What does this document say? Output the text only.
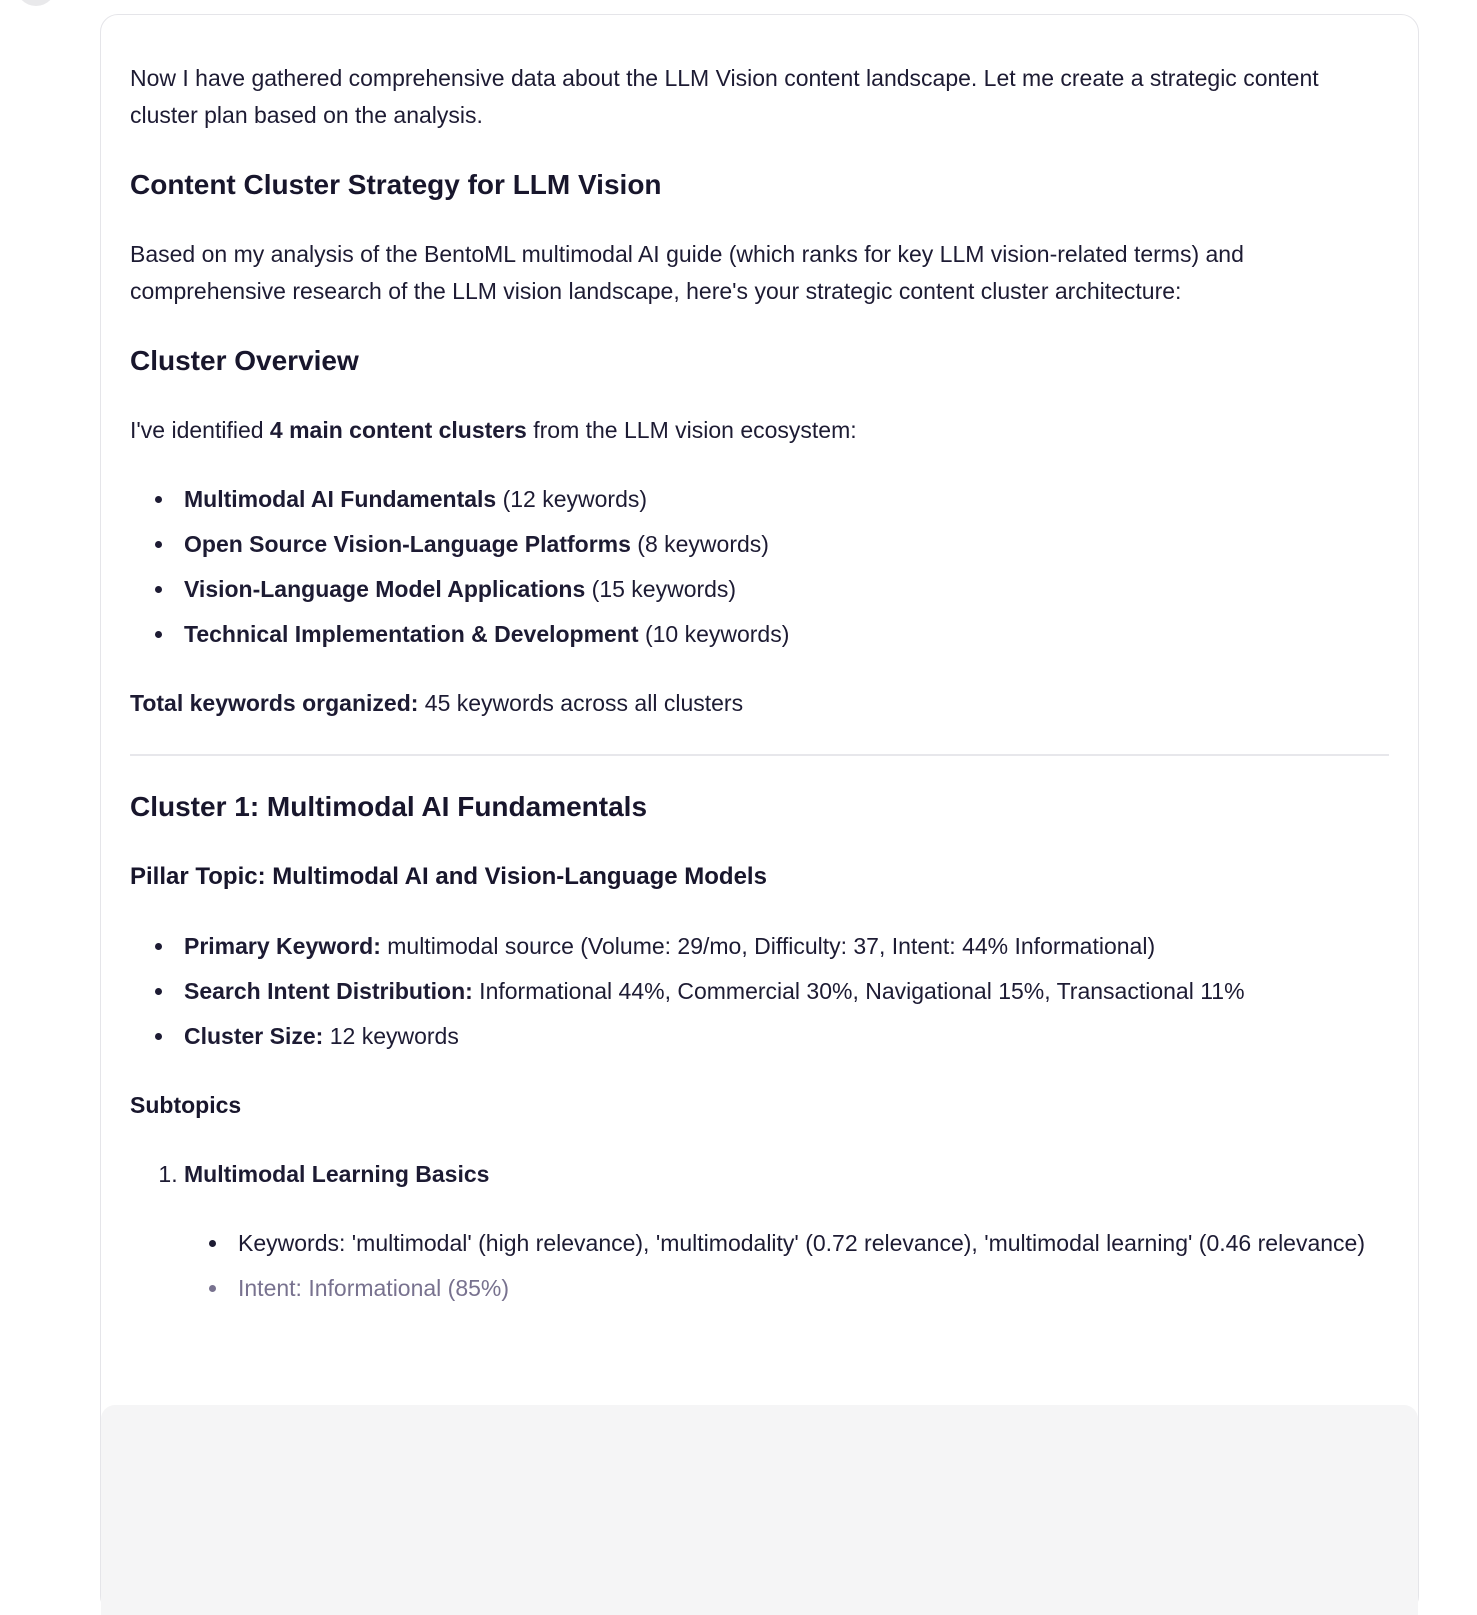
Now I have gathered comprehensive data about the LLM Vision content landscape. Let me create a strategic content cluster plan based on the analysis.

Content Cluster Strategy for LLM Vision

Based on my analysis of the BentoML multimodal AI guide (which ranks for key LLM vision-related terms) and comprehensive research of the LLM vision landscape, here's your strategic content cluster architecture:

Cluster Overview

I've identified 4 main content clusters from the LLM vision ecosystem:

Multimodal AI Fundamentals (12 keywords)
Open Source Vision-Language Platforms (8 keywords)
Vision-Language Model Applications (15 keywords)
Technical Implementation & Development (10 keywords)

Total keywords organized: 45 keywords across all clusters

Cluster 1: Multimodal AI Fundamentals
Pillar Topic: Multimodal AI and Vision-Language Models
Primary Keyword: multimodal source (Volume: 29/mo, Difficulty: 37, Intent: 44% Informational)
Search Intent Distribution: Informational 44%, Commercial 30%, Navigational 15%, Transactional 11%
Cluster Size: 12 keywords
Subtopics
1. Multimodal Learning Basics
Keywords: 'multimodal' (high relevance), 'multimodality' (0.72 relevance), 'multimodal learning' (0.46 relevance)
Intent: Informational (85%)
